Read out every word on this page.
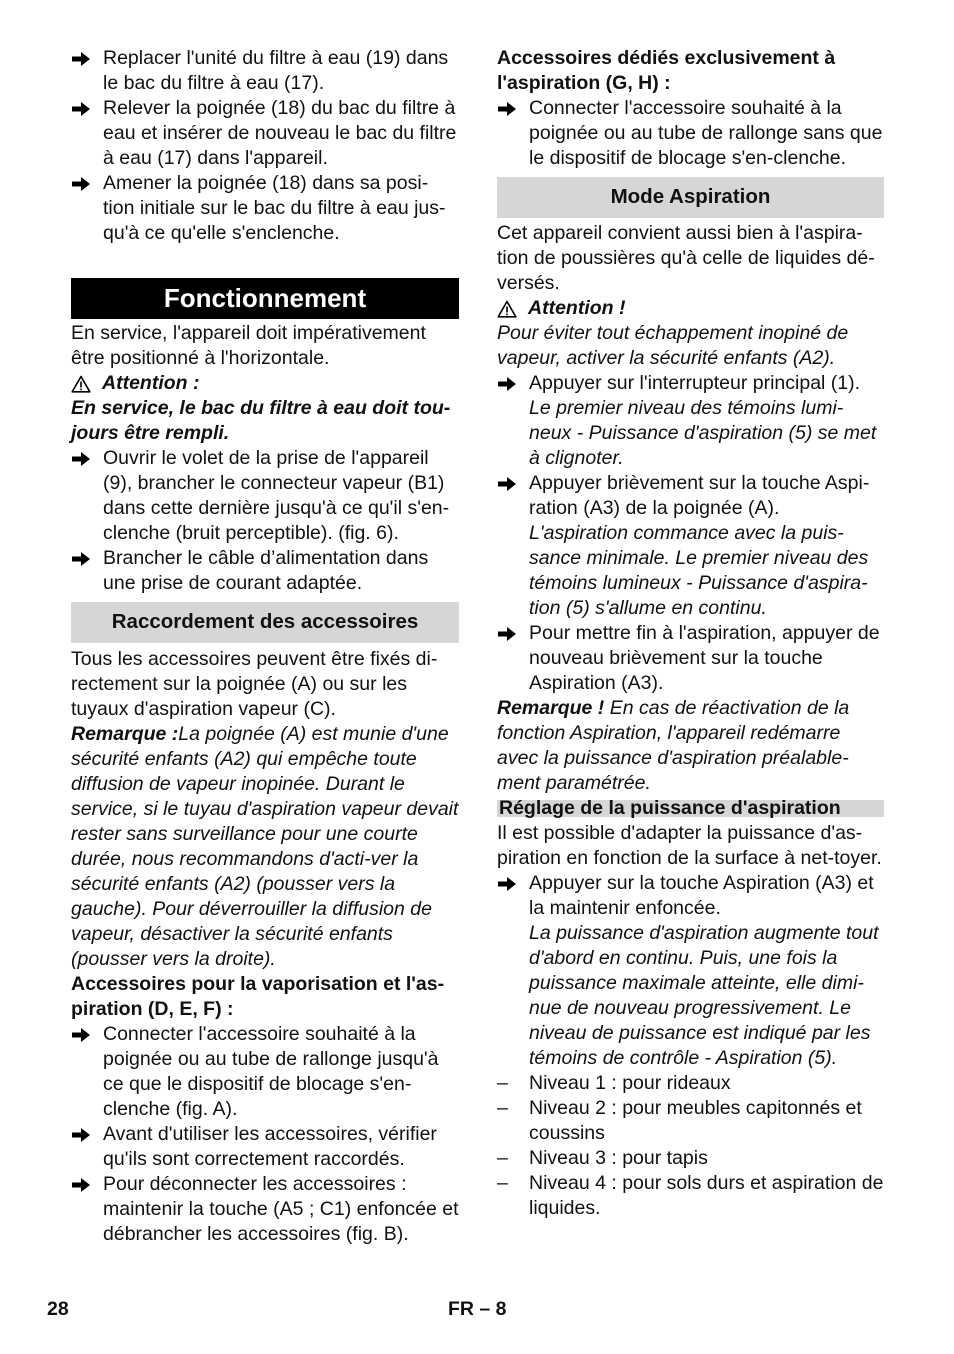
Replacer l'unité du filtre à eau (19) dans le bac du filtre à eau (17).
Relever la poignée (18) du bac du filtre à eau et insérer de nouveau le bac du filtre à eau (17) dans l'appareil.
Amener la poignée (18) dans sa posi-tion initiale sur le bac du filtre à eau jus-qu'à ce qu'elle s'enclenche.
Fonctionnement

En service, l'appareil doit impérativement être positionné à l'horizontale.

Attention :

En service, le bac du filtre à eau doit tou-jours être rempli.

Ouvrir le volet de la prise de l'appareil (9), brancher le connecteur vapeur (B1) dans cette dernière jusqu'à ce qu'il s'en-clenche (bruit perceptible). (fig. 6).
Brancher le câble d’alimentation dans une prise de courant adaptée.
Raccordement des accessoires

Tous les accessoires peuvent être fixés di-rectement sur la poignée (A) ou sur les tuyaux d'aspiration vapeur (C).

Remarque :La poignée (A) est munie d'une sécurité enfants (A2) qui empêche toute diffusion de vapeur inopinée. Durant le service, si le tuyau d'aspiration vapeur devait rester sans surveillance pour une courte durée, nous recommandons d'acti-ver la sécurité enfants (A2) (pousser vers la gauche). Pour déverrouiller la diffusion de vapeur, désactiver la sécurité enfants (pousser vers la droite).

Accessoires pour la vaporisation et l'as-piration (D, E, F) :

Connecter l'accessoire souhaité à la poignée ou au tube de rallonge jusqu'à ce que le dispositif de blocage s'en-clenche (fig. A).
Avant d'utiliser les accessoires, vérifier qu'ils sont correctement raccordés.
Pour déconnecter les accessoires : maintenir la touche (A5 ; C1) enfoncée et débrancher les accessoires (fig. B).

Accessoires dédiés exclusivement à l'aspiration (G, H) :

Connecter l'accessoire souhaité à la poignée ou au tube de rallonge sans que le dispositif de blocage s'en-clenche.
Mode Aspiration

Cet appareil convient aussi bien à l'aspira-tion de poussières qu'à celle de liquides dé-versés.

Attention !

Pour éviter tout échappement inopiné de vapeur, activer la sécurité enfants (A2).

Appuyer sur l'interrupteur principal (1).

Le premier niveau des témoins lumi-neux - Puissance d'aspiration (5) se met à clignoter.

Appuyer brièvement sur la touche Aspi-ration (A3) de la poignée (A).

L'aspiration commance avec la puis-sance minimale. Le premier niveau des témoins lumineux - Puissance d'aspira-tion (5) s'allume en continu.

Pour mettre fin à l'aspiration, appuyer de nouveau brièvement sur la touche Aspiration (A3).

Remarque ! En cas de réactivation de la fonction Aspiration, l'appareil redémarre avec la puissance d'aspiration préalable-ment paramétrée.

Réglage de la puissance d'aspiration

Il est possible d'adapter la puissance d'as-piration en fonction de la surface à net-toyer.

Appuyer sur la touche Aspiration (A3) et la maintenir enfoncée.

La puissance d'aspiration augmente tout d'abord en continu. Puis, une fois la puissance maximale atteinte, elle dimi-nue de nouveau progressivement. Le niveau de puissance est indiqué par les témoins de contrôle - Aspiration (5).

– Niveau 1 : pour rideaux
– Niveau 2 : pour meubles capitonnés et coussins
– Niveau 3 : pour tapis
– Niveau 4 : pour sols durs et aspiration de liquides.
28	FR – 8
